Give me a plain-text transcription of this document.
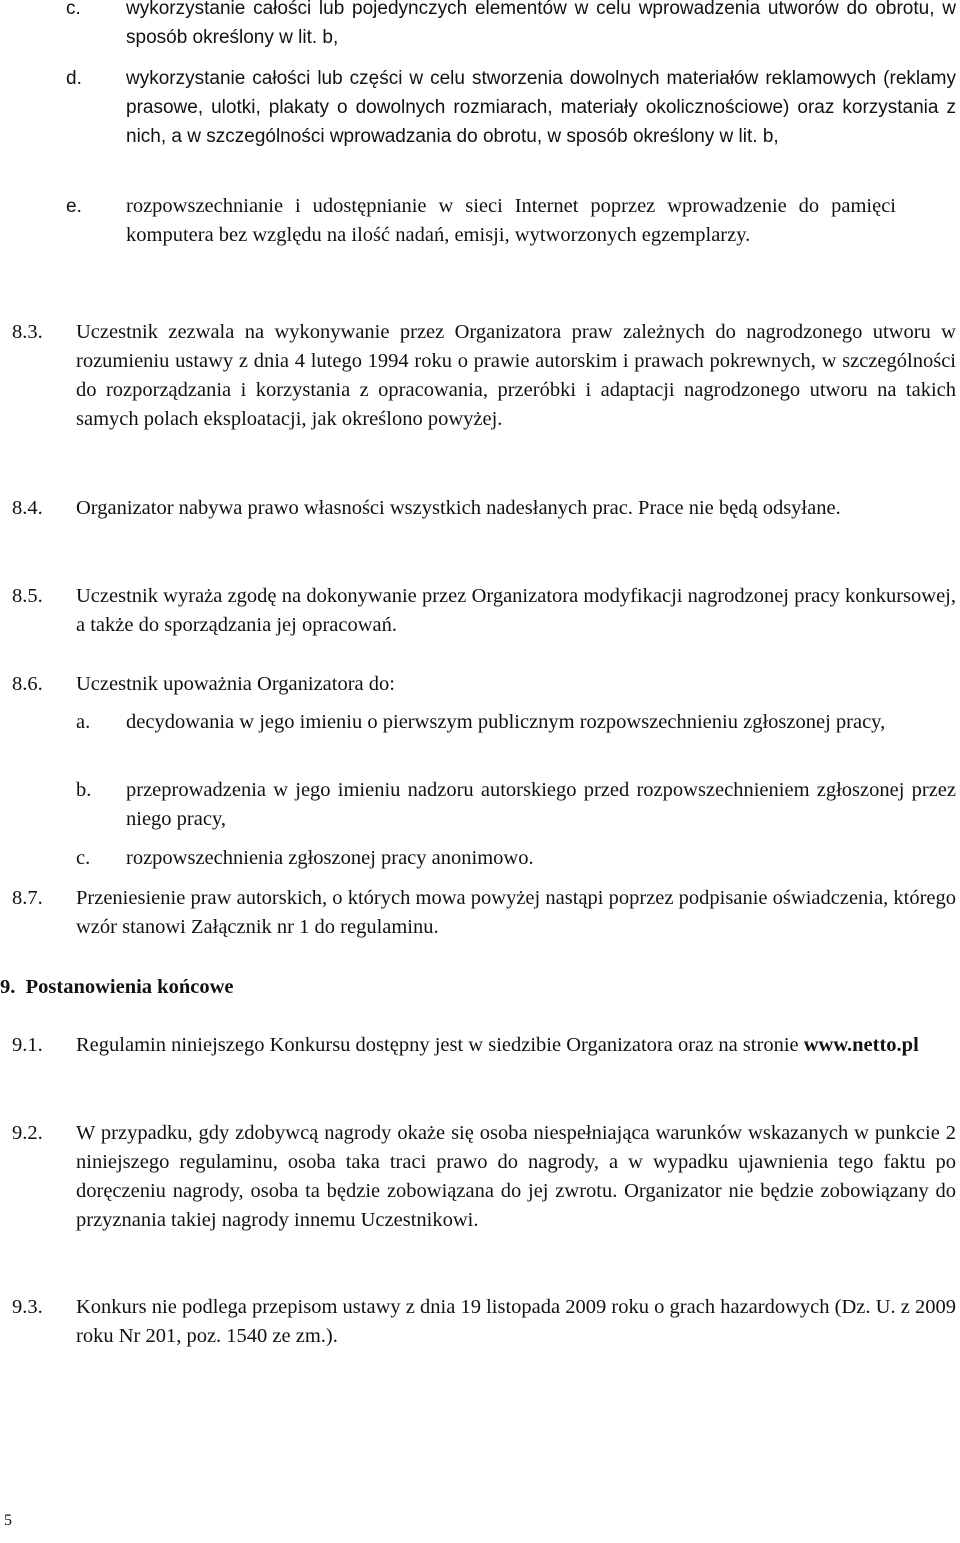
c. wykorzystanie całości lub pojedynczych elementów w celu wprowadzenia utworów do obrotu, w sposób określony w lit. b,

d. wykorzystanie całości lub części w celu stworzenia dowolnych materiałów reklamowych (reklamy prasowe, ulotki, plakaty o dowolnych rozmiarach, materiały okolicznościowe) oraz korzystania z nich, a w szczególności wprowadzania do obrotu, w sposób określony w lit. b,

e. rozpowszechnianie i udostępnianie w sieci Internet poprzez wprowadzenie do pamięci komputera bez względu na ilość nadań, emisji, wytworzonych egzemplarzy.

8.3. Uczestnik zezwala na wykonywanie przez Organizatora praw zależnych do nagrodzonego utworu w rozumieniu ustawy z dnia 4 lutego 1994 roku o prawie autorskim i prawach pokrewnych, w szczególności do rozporządzania i korzystania z opracowania, przeróbki i adaptacji nagrodzonego utworu na takich samych polach eksploatacji, jak określono powyżej.

8.4. Organizator nabywa prawo własności wszystkich nadesłanych prac. Prace nie będą odsyłane.

8.5. Uczestnik wyraża zgodę na dokonywanie przez Organizatora modyfikacji nagrodzonej pracy konkursowej, a także do sporządzania jej opracowań.

8.6. Uczestnik upoważnia Organizatora do:

a. decydowania w jego imieniu o pierwszym publicznym rozpowszechnieniu zgłoszonej pracy,

b. przeprowadzenia w jego imieniu nadzoru autorskiego przed rozpowszechnieniem zgłoszonej przez niego pracy,

c. rozpowszechnienia zgłoszonej pracy anonimowo.

8.7. Przeniesienie praw autorskich, o których mowa powyżej nastąpi poprzez podpisanie oświadczenia, którego wzór stanowi Załącznik nr 1 do regulaminu.

9.  Postanowienia końcowe
9.1. Regulamin niniejszego Konkursu dostępny jest w siedzibie Organizatora oraz na stronie www.netto.pl

9.2. W przypadku, gdy zdobywcą nagrody okaże się osoba niespełniająca warunków wskazanych w punkcie 2 niniejszego regulaminu, osoba taka traci prawo do nagrody, a w wypadku ujawnienia tego faktu po doręczeniu nagrody, osoba ta będzie zobowiązana do jej zwrotu. Organizator nie będzie zobowiązany do przyznania takiej nagrody innemu Uczestnikowi.

9.3. Konkurs nie podlega przepisom ustawy z dnia 19 listopada 2009 roku o grach hazardowych (Dz. U. z 2009 roku Nr 201, poz. 1540 ze zm.).

5
